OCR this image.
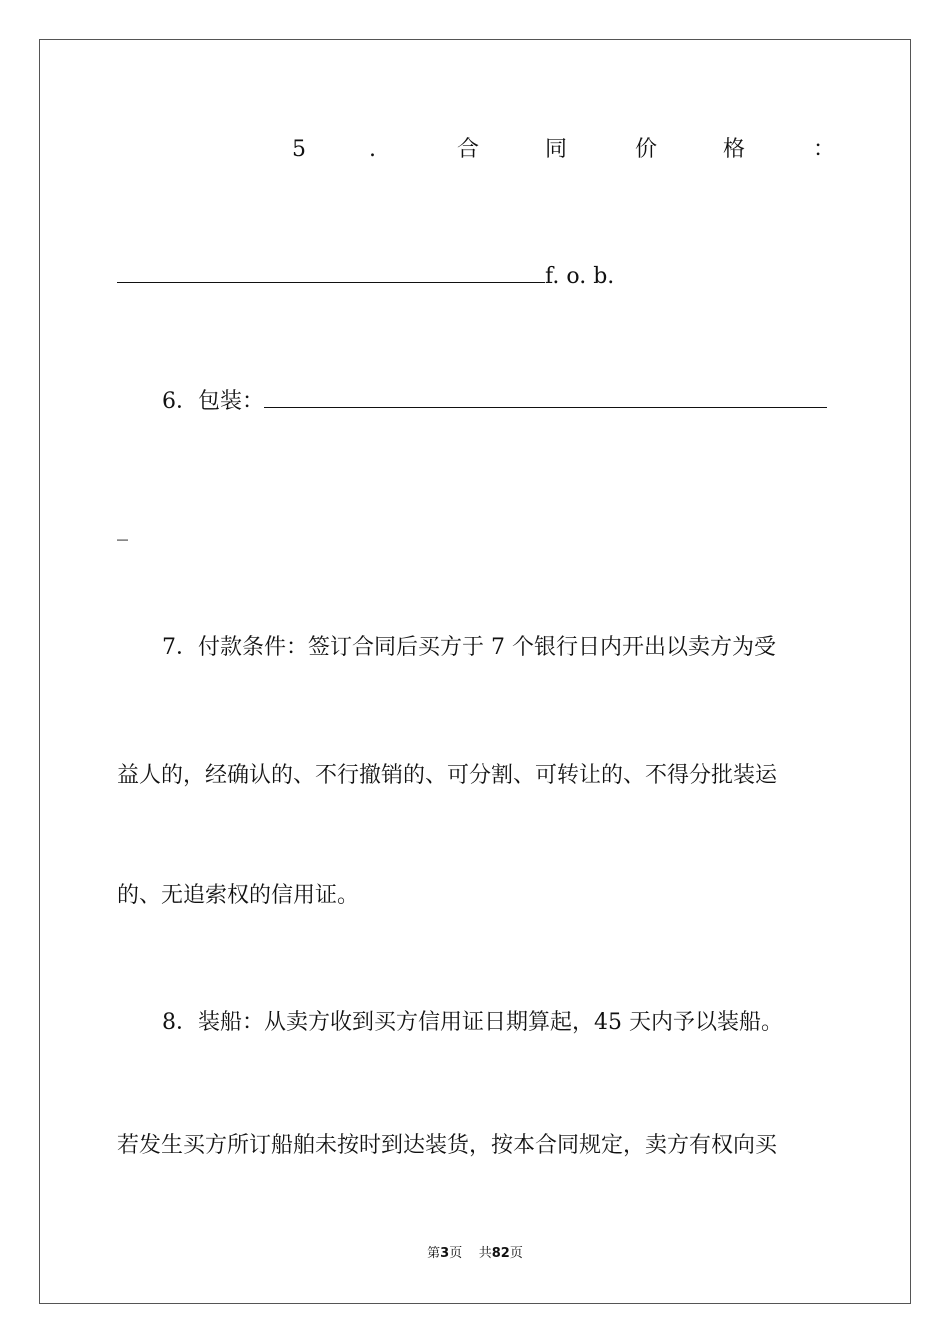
5	.	合	同	价	格	：
f. o. b.
6．包装：
_
7．付款条件：签订合同后买方于 7 个银行日内开出以卖方为受
益人的，经确认的、不行撤销的、可分割、可转让的、不得分批装运
的、无追索权的信用证。
8．装船：从卖方收到买方信用证日期算起，45 天内予以装船。
若发生买方所订船舶未按时到达装货，按本合同规定，卖方有权向买
第3页 共82页
